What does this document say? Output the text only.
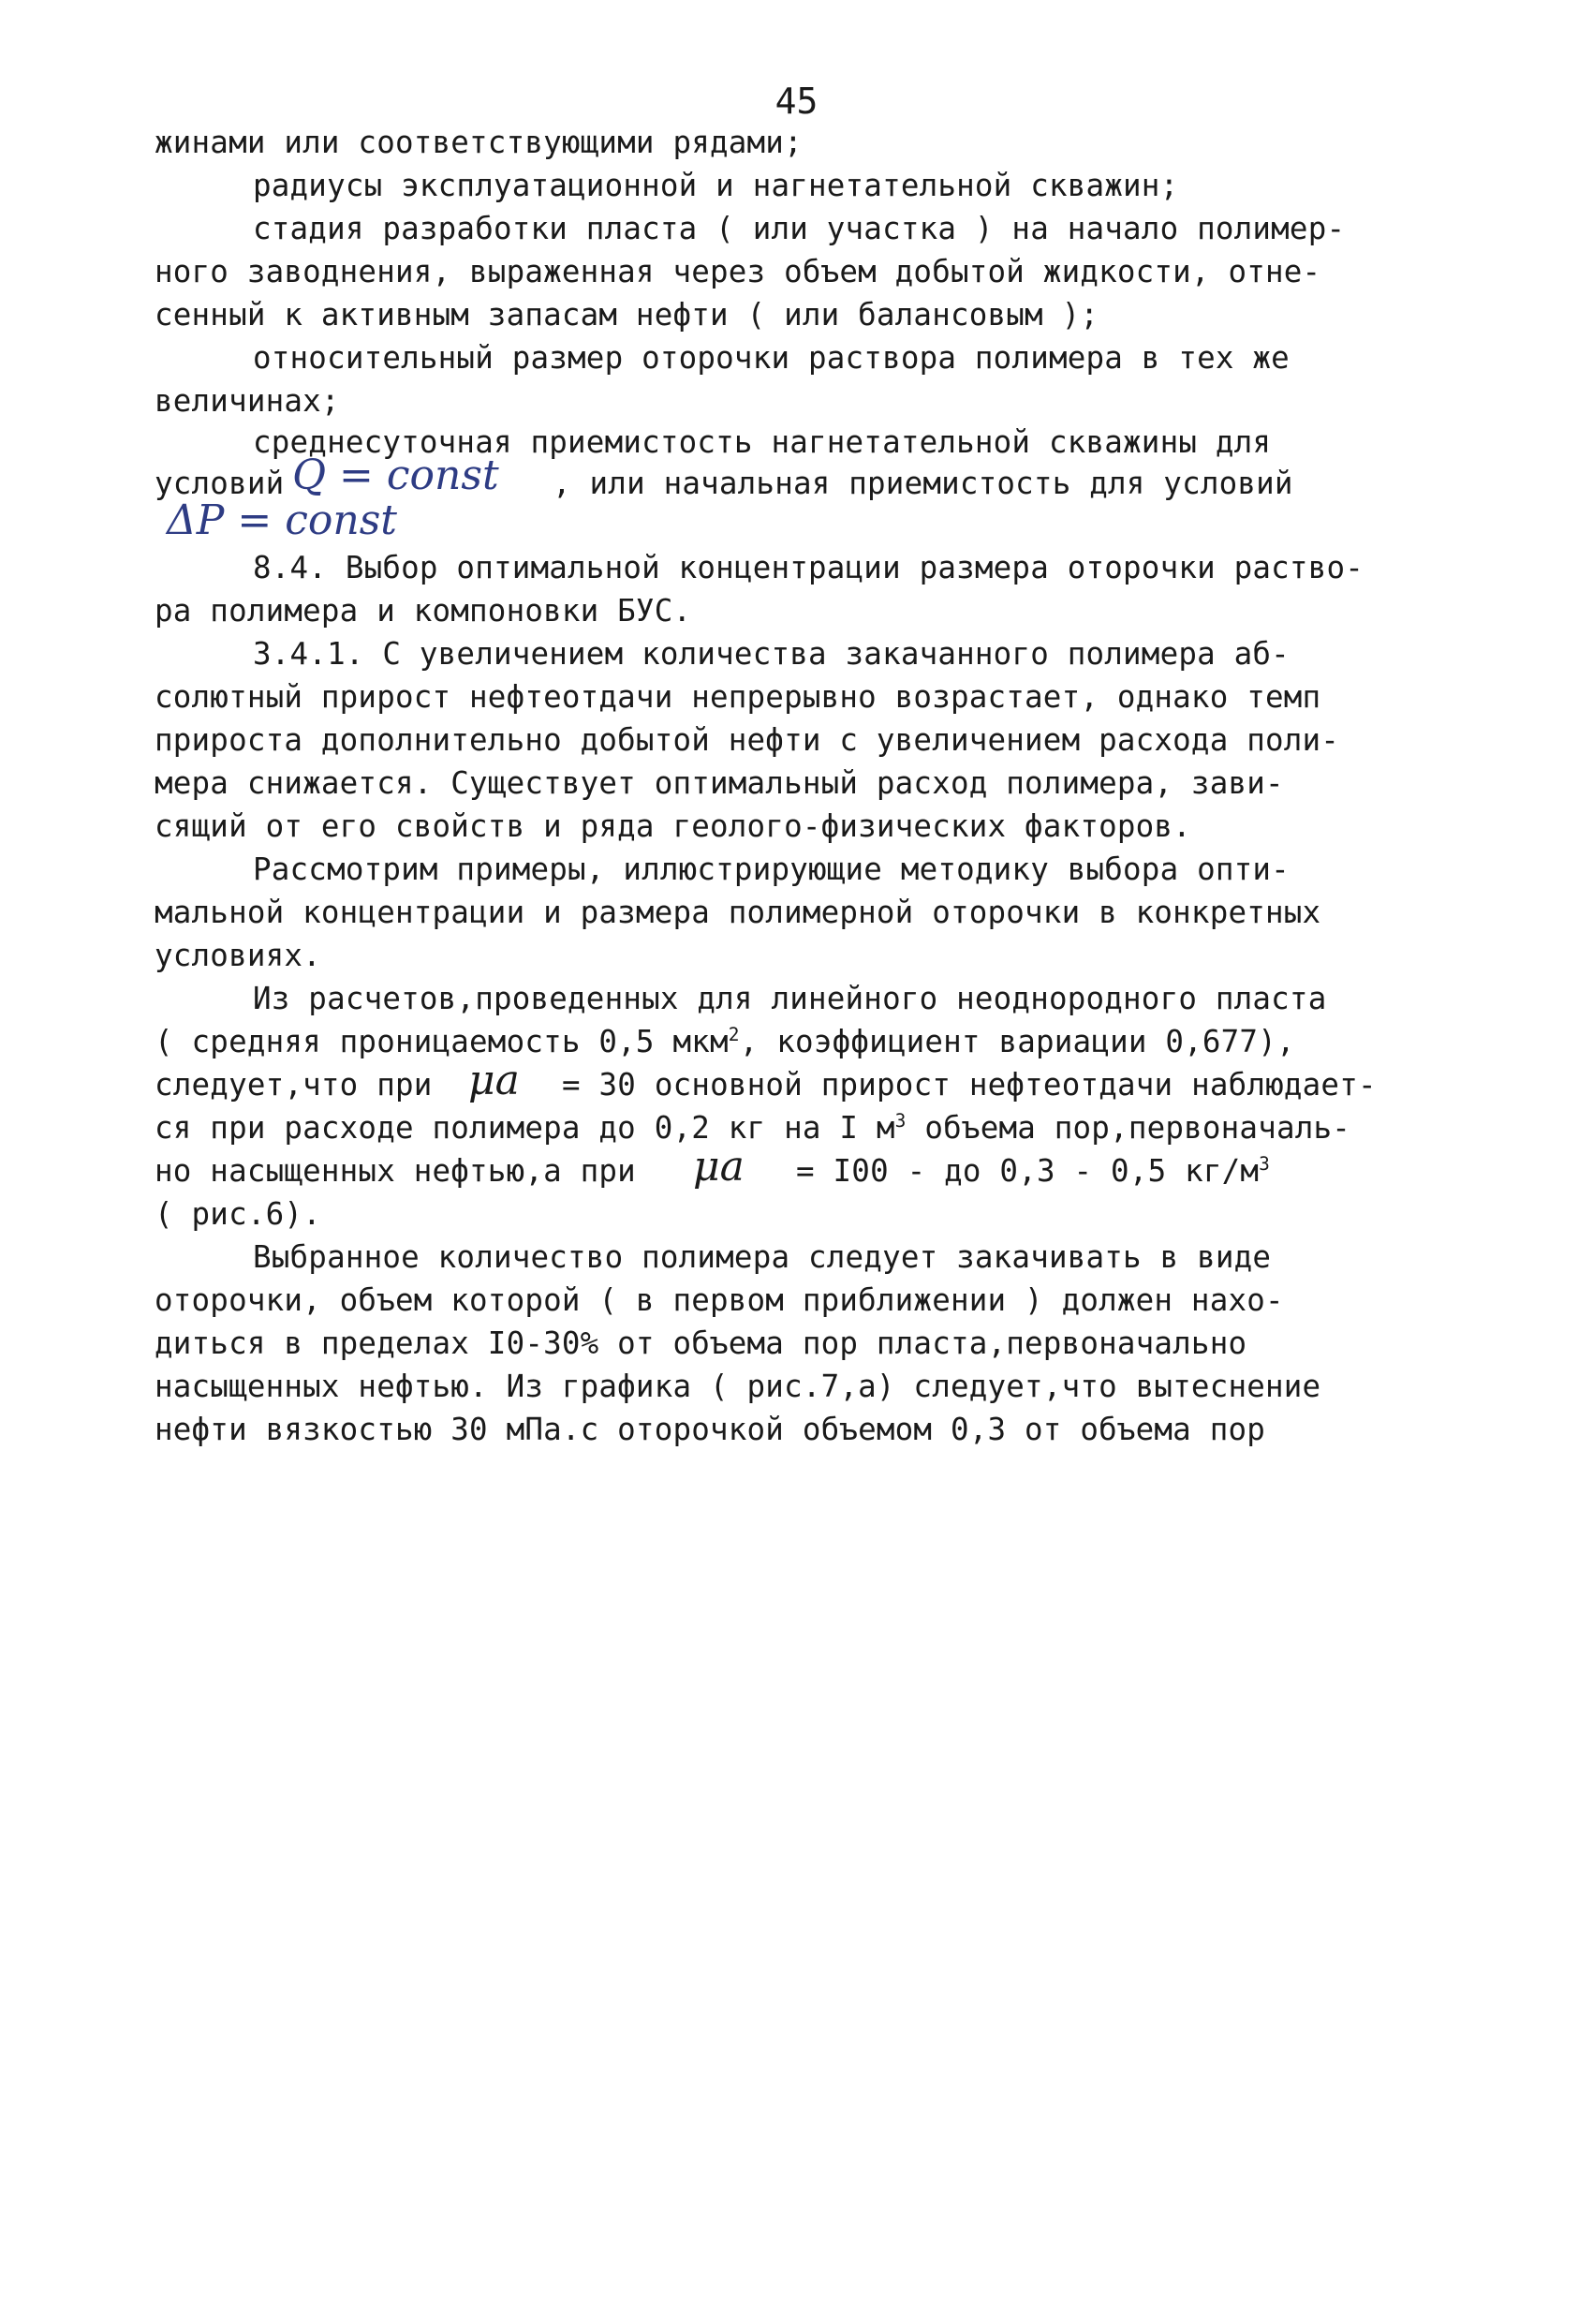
45
жинами или соответствующими рядами;
радиусы эксплуатационной и нагнетательной скважин;
стадия разработки пласта ( или участка ) на начало полимер-
ного заводнения, выраженная через объем добытой жидкости, отне-
сенный к активным запасам нефти ( или балансовым );
относительный размер оторочки раствора полимера в тех же
величинах;
среднесуточная приемистость нагнетательной скважины для
условий Q = const , или начальная приемистость для условий
ΔP = const
8.4. Выбор оптимальной концентрации размера оторочки раство-
ра полимера и компоновки БУС.
3.4.1. С увеличением количества закачанного полимера аб-
солютный прирост нефтеотдачи непрерывно возрастает, однако темп
прироста дополнительно добытой нефти с увеличением расхода поли-
мера снижается. Существует оптимальный расход полимера, зави-
сящий от его свойств и ряда геолого-физических факторов.
Рассмотрим примеры, иллюстрирующие методику выбора опти-
мальной концентрации и размера полимерной оторочки в конкретных
условиях.
Из расчетов,проведенных для линейного неоднородного пласта
( средняя проницаемость 0,5 мкм$^2$, коэффициент вариации 0,677),
следует,что при μa = 30 основной прирост нефтеотдачи наблюдает-
ся при расходе полимера до 0,2 кг на I $м^3$ объема пор,первоначаль-
но насыщенных нефтью,а при μa = I00 - до 0,3 - 0,5 $кг/м^3$
( рис.6).
Выбранное количество полимера следует закачивать в виде
оторочки, объем которой ( в первом приближении ) должен нахо-
диться в пределах I0-30% от объема пор пласта,первоначально
насыщенных нефтью. Из графика ( рис.7,а) следует,что вытеснение
нефти вязкостью 30 мПа.с оторочкой объемом 0,3 от объема пор
